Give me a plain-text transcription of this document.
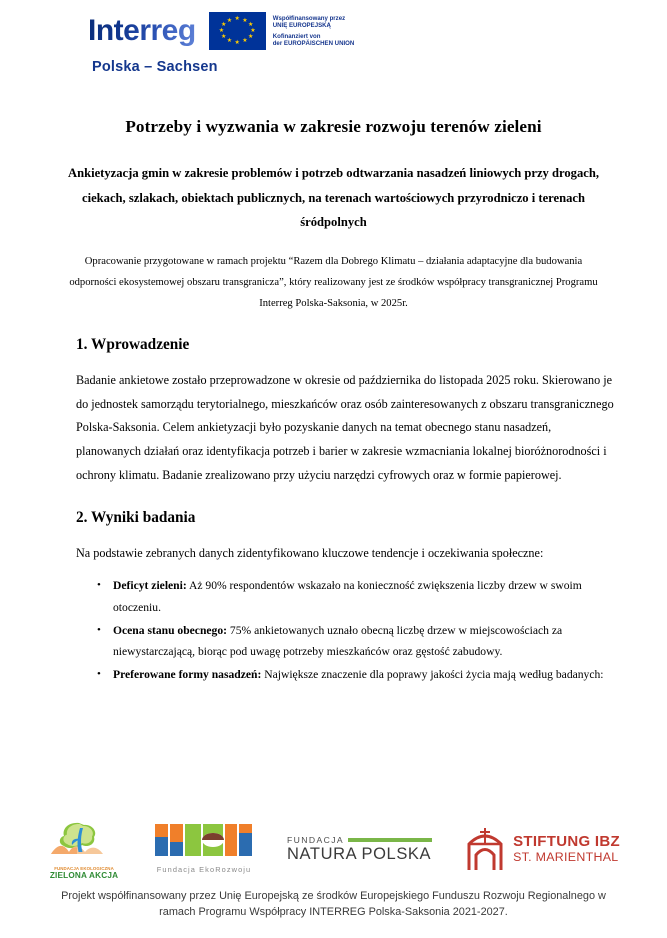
Interreg	★ ★
★
★
★
★
★
★
★
★
★
★	Współfinansowany przez
UNIĘ EUROPEJSKĄ
Kofinanziert von
der EUROPÄISCHEN UNION
Polska – Sachsen
Potrzeby i wyzwania w zakresie rozwoju terenów zieleni

Ankietyzacja gmin w zakresie problemów i potrzeb odtwarzania nasadzeń liniowych przy drogach, ciekach, szlakach, obiektach publicznych, na terenach wartościowych przyrodniczo i terenach śródpolnych

Opracowanie przygotowane w ramach projektu “Razem dla Dobrego Klimatu – działania adaptacyjne dla budowania odporności ekosystemowej obszaru transgranicza”, który realizowany jest ze środków współpracy transgranicznej Programu Interreg Polska-Saksonia, w 2025r.

1. Wprowadzenie

Badanie ankietowe zostało przeprowadzone w okresie od października do listopada 2025 roku. Skierowano je do jednostek samorządu terytorialnego, mieszkańców oraz osób zainteresowanych z obszaru transgranicznego Polska-Saksonia. Celem ankietyzacji było pozyskanie danych na temat obecnego stanu nasadzeń, planowanych działań oraz identyfikacja potrzeb i barier w zakresie wzmacniania lokalnej bioróżnorodności i ochrony klimatu. Badanie zrealizowano przy użyciu narzędzi cyfrowych oraz w formie papierowej.

2. Wyniki badania

Na podstawie zebranych danych zidentyfikowano kluczowe tendencje i oczekiwania społeczne:

• Deficyt zieleni: Aż 90% respondentów wskazało na konieczność zwiększenia liczby drzew w swoim otoczeniu.
• Ocena stanu obecnego: 75% ankietowanych uznało obecną liczbę drzew w miejscowościach za niewystarczającą, biorąc pod uwagę potrzeby mieszkańców oraz gęstość zabudowy.
• Preferowane formy nasadzeń: Największe znaczenie dla poprawy jakości życia mają według badanych:
FUNDACJA EKOLOGICZNA
ZIELONA AKCJA
Fundacja EkoRozwoju
FUNDACJA
NATURA POLSKA
STIFTUNG IBZ
ST. MARIENTHAL
Projekt współfinansowany przez Unię Europejską ze środków Europejskiego Funduszu Rozwoju Regionalnego w ramach Programu Współpracy INTERREG Polska-Saksonia 2021-2027.
